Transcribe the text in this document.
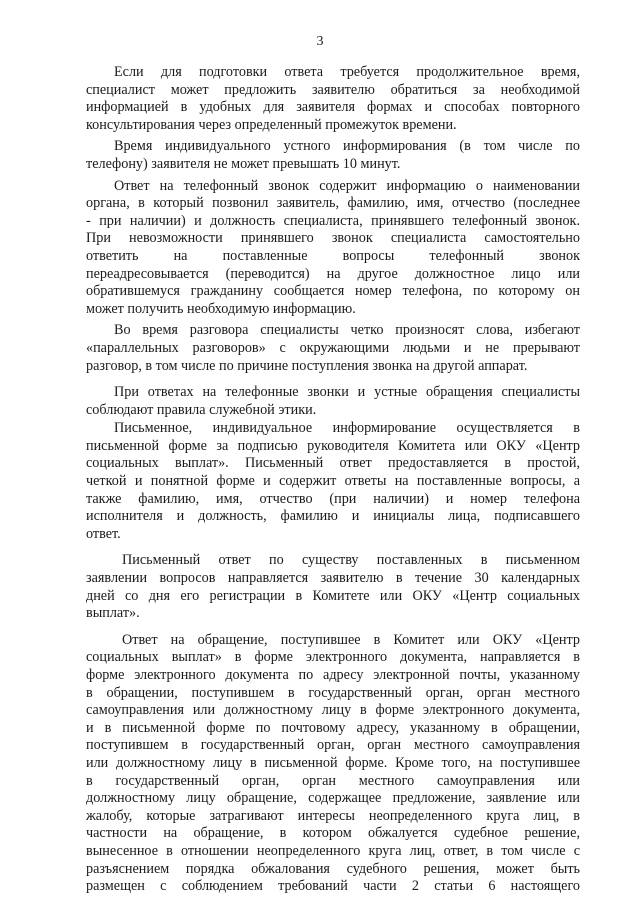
3
Если для подготовки ответа требуется продолжительное время,
специалист может предложить заявителю обратиться за необходимой
информацией в удобных для заявителя формах и способах повторного
консультирования через определенный промежуток времени.
Время индивидуального устного информирования (в том числе по
телефону) заявителя не может превышать 10 минут.
Ответ на телефонный звонок содержит информацию о наименовании
органа, в который позвонил заявитель, фамилию, имя, отчество (последнее
- при наличии) и должность специалиста, принявшего телефонный звонок.
При невозможности принявшего звонок специалиста самостоятельно
ответить на поставленные вопросы телефонный звонок
переадресовывается (переводится) на другое должностное лицо или
обратившемуся гражданину сообщается номер телефона, по которому он
может получить необходимую информацию.
Во время разговора специалисты четко произносят слова, избегают
«параллельных разговоров» с окружающими людьми и не прерывают
разговор, в том числе по причине поступления звонка на другой аппарат.
При ответах на телефонные звонки и устные обращения специалисты
соблюдают правила служебной этики.
Письменное, индивидуальное информирование осуществляется в
письменной форме за подписью руководителя Комитета или ОКУ «Центр
социальных выплат». Письменный ответ предоставляется в простой,
четкой и понятной форме и содержит ответы на поставленные вопросы, а
также фамилию, имя, отчество (при наличии) и номер телефона
исполнителя и должность, фамилию и инициалы лица, подписавшего
ответ.
Письменный ответ по существу поставленных в письменном
заявлении вопросов направляется заявителю в течение 30 календарных
дней со дня его регистрации в Комитете или ОКУ «Центр социальных
выплат».
Ответ на обращение, поступившее в Комитет или ОКУ «Центр
социальных выплат» в форме электронного документа, направляется в
форме электронного документа по адресу электронной почты, указанному
в обращении, поступившем в государственный орган, орган местного
самоуправления или должностному лицу в форме электронного документа,
и в письменной форме по почтовому адресу, указанному в обращении,
поступившем в государственный орган, орган местного самоуправления
или должностному лицу в письменной форме. Кроме того, на поступившее
в государственный орган, орган местного самоуправления или
должностному лицу обращение, содержащее предложение, заявление или
жалобу, которые затрагивают интересы неопределенного круга лиц, в
частности на обращение, в котором обжалуется судебное решение,
вынесенное в отношении неопределенного круга лиц, ответ, в том числе с
разъяснением порядка обжалования судебного решения, может быть
размещен с соблюдением требований части 2 статьи 6 настоящего
